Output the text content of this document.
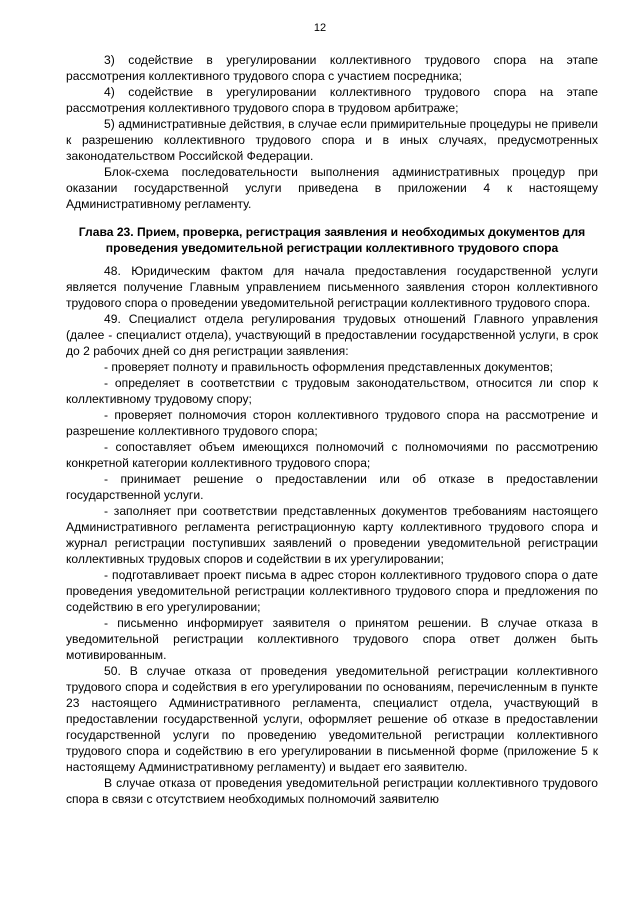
12

3) содействие в урегулировании коллективного трудового спора на этапе рассмотрения коллективного трудового спора с участием посредника;

4) содействие в урегулировании коллективного трудового спора на этапе рассмотрения коллективного трудового спора в трудовом арбитраже;

5) административные действия, в случае если примирительные процедуры не привели к разрешению коллективного трудового спора и в иных случаях, предусмотренных законодательством Российской Федерации.

Блок-схема последовательности выполнения административных процедур при оказании государственной услуги приведена в приложении 4 к настоящему Административному регламенту.

Глава 23. Прием, проверка, регистрация заявления и необходимых документов для проведения уведомительной регистрации коллективного трудового спора

48. Юридическим фактом для начала предоставления государственной услуги является получение Главным управлением письменного заявления сторон коллективного трудового спора о проведении уведомительной регистрации коллективного трудового спора.

49. Специалист отдела регулирования трудовых отношений Главного управления (далее - специалист отдела), участвующий в предоставлении государственной услуги, в срок до 2 рабочих дней со дня регистрации заявления:

- проверяет полноту и правильность оформления представленных документов;

- определяет в соответствии с трудовым законодательством, относится ли спор к коллективному трудовому спору;

- проверяет полномочия сторон коллективного трудового спора на рассмотрение и разрешение коллективного трудового спора;

- сопоставляет объем имеющихся полномочий с полномочиями по рассмотрению конкретной категории коллективного трудового спора;

- принимает решение о предоставлении или об отказе в предоставлении государственной услуги.

- заполняет при соответствии представленных документов требованиям настоящего Административного регламента регистрационную карту коллективного трудового спора и журнал регистрации поступивших заявлений о проведении уведомительной регистрации коллективных трудовых споров и содействии в их урегулировании;

- подготавливает проект письма в адрес сторон коллективного трудового спора о дате проведения уведомительной регистрации коллективного трудового спора и предложения по содействию в его урегулировании;

- письменно информирует заявителя о принятом решении. В случае отказа в уведомительной регистрации коллективного трудового спора ответ должен быть мотивированным.

50. В случае отказа от проведения уведомительной регистрации коллективного трудового спора и содействия в его урегулировании по основаниям, перечисленным в пункте 23 настоящего Административного регламента, специалист отдела, участвующий в предоставлении государственной услуги, оформляет решение об отказе в предоставлении государственной услуги по проведению уведомительной регистрации коллективного трудового спора и содействию в его урегулировании в письменной форме (приложение 5 к настоящему Административному регламенту) и выдает его заявителю.

В случае отказа от проведения уведомительной регистрации коллективного трудового спора в связи с отсутствием необходимых полномочий заявителю
